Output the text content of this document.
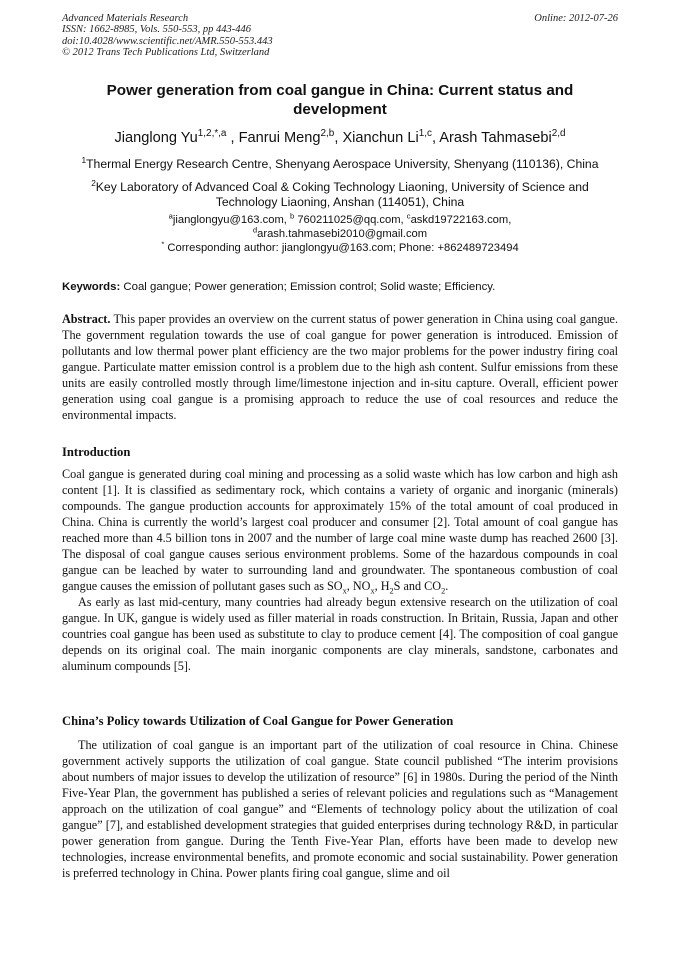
Advanced Materials Research
ISSN: 1662-8985, Vols. 550-553, pp 443-446
doi:10.4028/www.scientific.net/AMR.550-553.443
© 2012 Trans Tech Publications Ltd, Switzerland
Online: 2012-07-26
Power generation from coal gangue in China: Current status and development
Jianglong $Yu^{1,2,*,a}$ , Fanrui Meng$^{2,b}$, Xianchun Li$^{1,c}$, Arash Tahmasebi$^{2,d}$
$^1$Thermal Energy Research Centre, Shenyang Aerospace University, Shenyang (110136), China
$^2$Key Laboratory of Advanced Coal & Coking Technology Liaoning, University of Science and Technology Liaoning, Anshan (114051), China
$^a$jianglongyu@163.com, $^b$ 760211025@qq.com, $^c$askd19722163.com,
$^d$arash.tahmasebi2010@gmail.com
* Corresponding author: jianglongyu@163.com; Phone: +862489723494
Keywords: Coal gangue; Power generation; Emission control; Solid waste; Efficiency.
Abstract. This paper provides an overview on the current status of power generation in China using coal gangue. The government regulation towards the use of coal gangue for power generation is introduced. Emission of pollutants and low thermal power plant efficiency are the two major problems for the power industry firing coal gangue. Particulate matter emission control is a problem due to the high ash content. Sulfur emissions from these units are easily controlled mostly through lime/limestone injection and in-situ capture. Overall, efficient power generation using coal gangue is a promising approach to reduce the use of coal resources and reduce the environmental impacts.
Introduction

Coal gangue is generated during coal mining and processing as a solid waste which has low carbon and high ash content [1]. It is classified as sedimentary rock, which contains a variety of organic and inorganic (minerals) compounds. The gangue production accounts for approximately 15% of the total amount of coal produced in China. China is currently the world’s largest coal producer and consumer [2]. Total amount of coal gangue has reached more than 4.5 billion tons in 2007 and the number of large coal mine waste dump has reached 2600 [3]. The disposal of coal gangue causes serious environment problems. Some of the hazardous compounds in coal gangue can be leached by water to surrounding land and groundwater. The spontaneous combustion of coal gangue causes the emission of pollutant gases such as $SO_x$, $NO_x$, $H_2S$ and $CO_2$.

As early as last mid-century, many countries had already begun extensive research on the utilization of coal gangue. In UK, gangue is widely used as filler material in roads construction. In Britain, Russia, Japan and other countries coal gangue has been used as substitute to clay to produce cement [4]. The composition of coal gangue depends on its original coal. The main inorganic components are clay minerals, sandstone, carbonates and aluminum compounds [5].

China’s Policy towards Utilization of Coal Gangue for Power Generation

The utilization of coal gangue is an important part of the utilization of coal resource in China. Chinese government actively supports the utilization of coal gangue. State council published “The interim provisions about numbers of major issues to develop the utilization of resource” [6] in 1980s. During the period of the Ninth Five-Year Plan, the government has published a series of relevant policies and regulations such as “Management approach on the utilization of coal gangue” and “Elements of technology policy about the utilization of coal gangue” [7], and established development strategies that guided enterprises during technology R&D, in particular power generation from gangue. During the Tenth Five-Year Plan, efforts have been made to develop new technologies, increase environmental benefits, and promote economic and social sustainability. Power generation is preferred technology in China. Power plants firing coal gangue, slime and oil
